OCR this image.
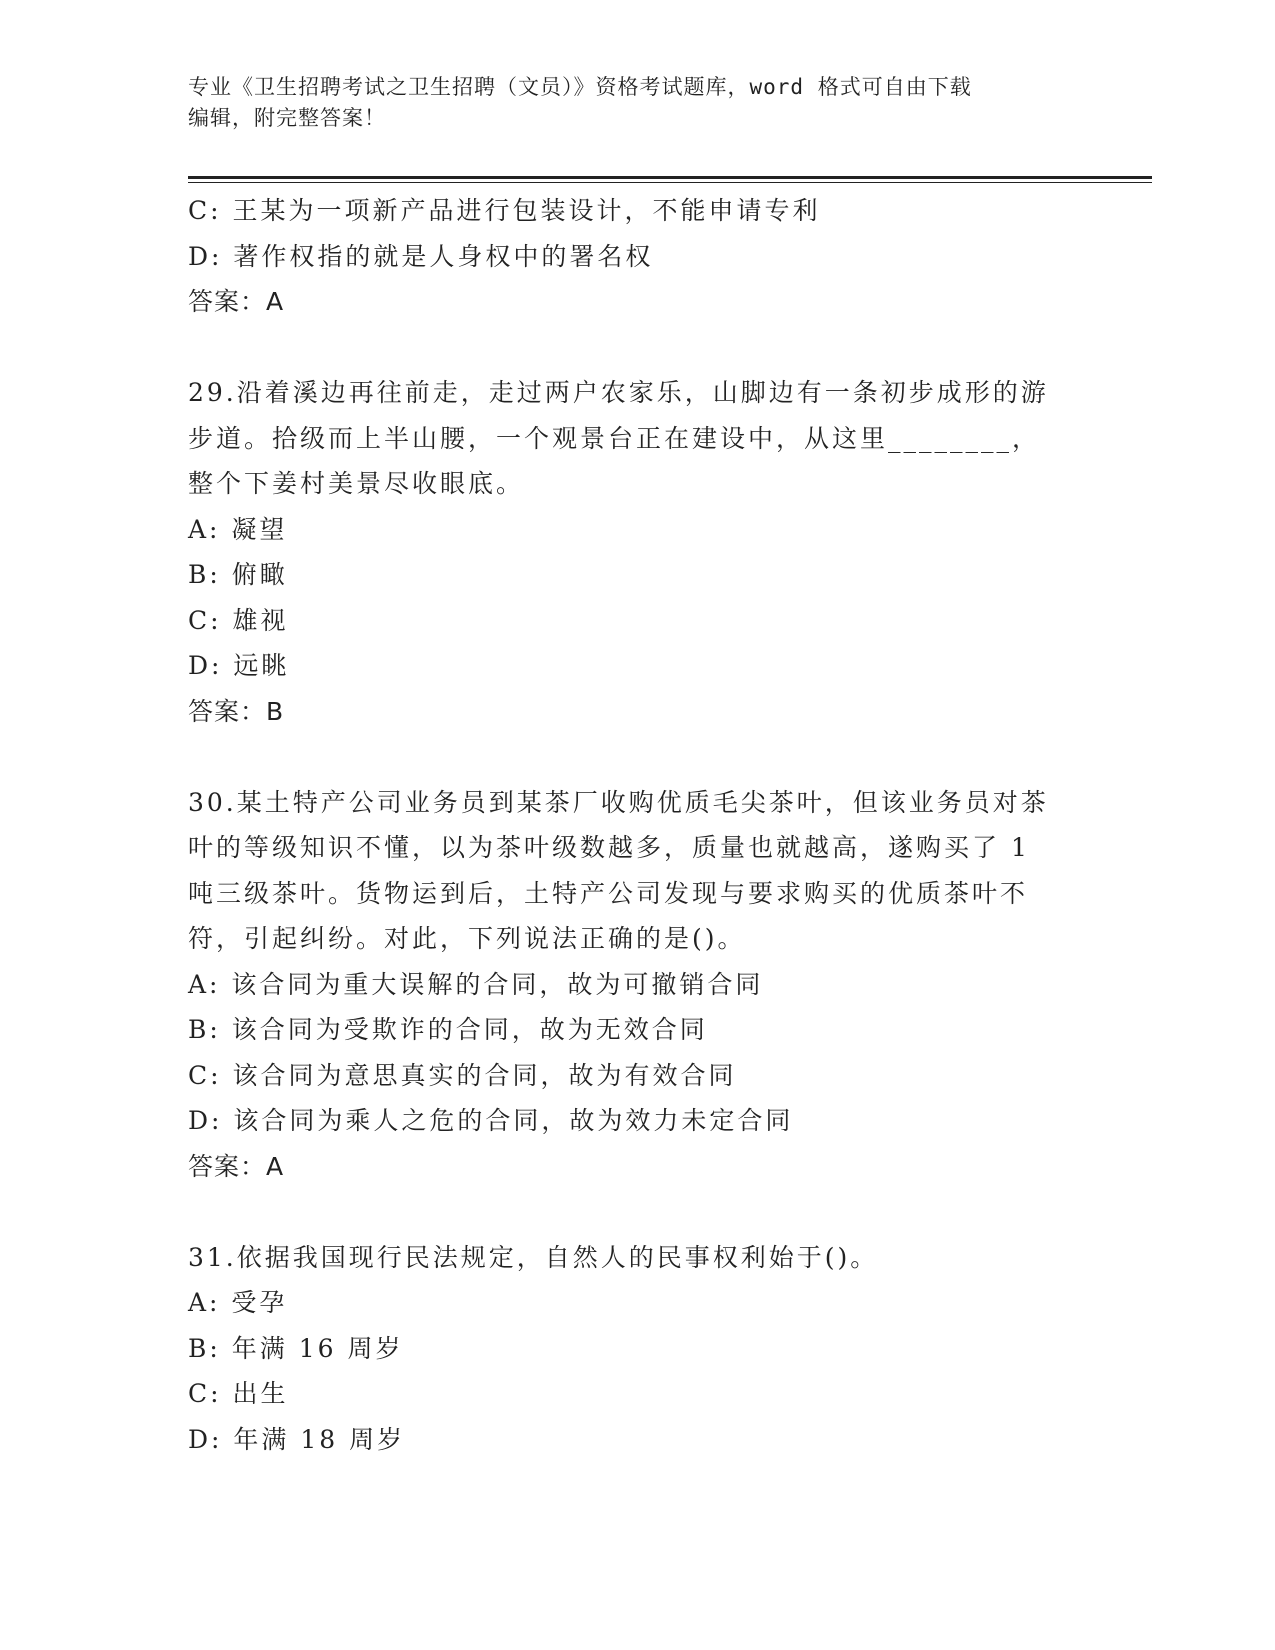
专业《卫生招聘考试之卫生招聘（文员）》资格考试题库，word 格式可自由下载
编辑，附完整答案！
C: 王某为一项新产品进行包装设计，不能申请专利
D: 著作权指的就是人身权中的署名权
答案：A
29.沿着溪边再往前走，走过两户农家乐，山脚边有一条初步成形的游
步道。拾级而上半山腰，一个观景台正在建设中，从这里________，
整个下姜村美景尽收眼底。
A: 凝望
B: 俯瞰
C: 雄视
D: 远眺
答案：B
30.某土特产公司业务员到某茶厂收购优质毛尖茶叶，但该业务员对茶
叶的等级知识不懂，以为茶叶级数越多，质量也就越高，遂购买了 1
吨三级茶叶。货物运到后，土特产公司发现与要求购买的优质茶叶不
符，引起纠纷。对此，下列说法正确的是()。
A: 该合同为重大误解的合同，故为可撤销合同
B: 该合同为受欺诈的合同，故为无效合同
C: 该合同为意思真实的合同，故为有效合同
D: 该合同为乘人之危的合同，故为效力未定合同
答案：A
31.依据我国现行民法规定，自然人的民事权利始于()。
A: 受孕
B: 年满 16 周岁
C: 出生
D: 年满 18 周岁
